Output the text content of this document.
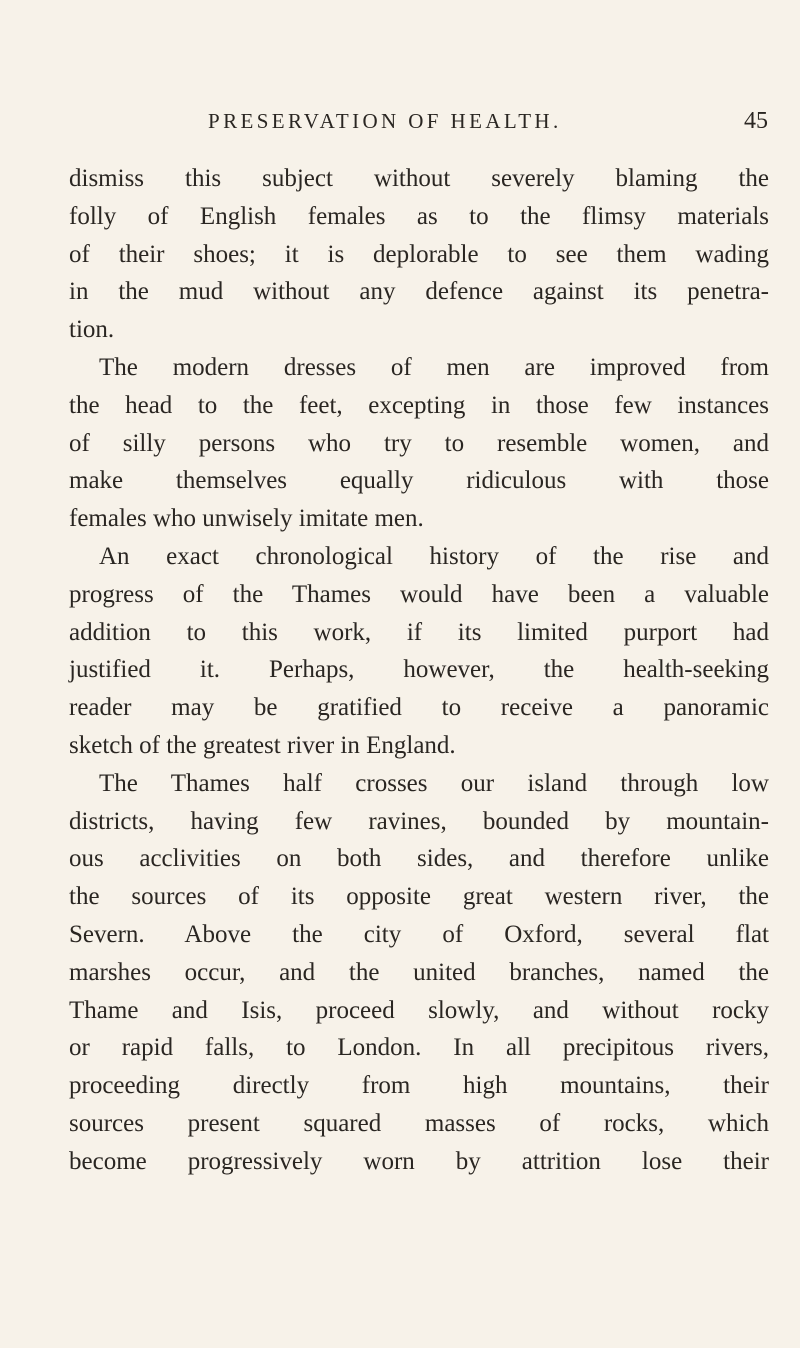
PRESERVATION OF HEALTH.	45
dismiss this subject without severely blaming the
folly of English females as to the flimsy materials
of their shoes; it is deplorable to see them wading
in the mud without any defence against its penetra-
tion.
The modern dresses of men are improved from
the head to the feet, excepting in those few instances
of silly persons who try to resemble women, and
make themselves equally ridiculous with those
females who unwisely imitate men.
An exact chronological history of the rise and
progress of the Thames would have been a valuable
addition to this work, if its limited purport had
justified it. Perhaps, however, the health-seeking
reader may be gratified to receive a panoramic
sketch of the greatest river in England.
The Thames half crosses our island through low
districts, having few ravines, bounded by mountain-
ous acclivities on both sides, and therefore unlike
the sources of its opposite great western river, the
Severn. Above the city of Oxford, several flat
marshes occur, and the united branches, named the
Thame and Isis, proceed slowly, and without rocky
or rapid falls, to London. In all precipitous rivers,
proceeding directly from high mountains, their
sources present squared masses of rocks, which
become progressively worn by attrition lose their
